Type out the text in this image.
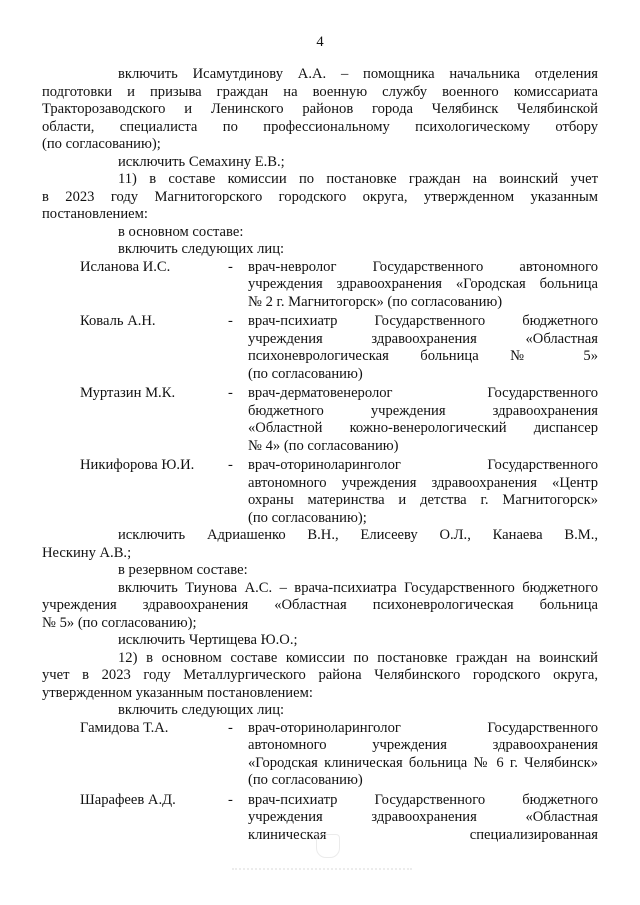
4

включить Исамутдинову А.А. – помощника начальника отделения
подготовки и призыва граждан на военную службу военного комиссариата
Тракторозаводского и Ленинского районов города Челябинск Челябинской
области, специалиста по профессиональному психологическому отбору
(по согласованию);

исключить Семахину Е.В.;

11) в составе комиссии по постановке граждан на воинский учет
в 2023 году Магнитогорского городского округа, утвержденном указанным
постановлением:

в основном составе:

включить следующих лиц:

Исланова И.С.	-	врач-невролог Государственного автономного
учреждения здравоохранения «Городская больница
№ 2 г. Магнитогорск» (по согласованию)
Коваль А.Н.	-	врач-психиатр Государственного бюджетного
учреждения здравоохранения «Областная
психоневрологическая больница № 5»
(по согласованию)
Муртазин М.К.	-	врач-дерматовенеролог Государственного
бюджетного учреждения здравоохранения
«Областной кожно-венерологический диспансер
№ 4» (по согласованию)
Никифорова Ю.И.	-	врач-оториноларинголог Государственного
автономного учреждения здравоохранения «Центр
охраны материнства и детства г. Магнитогорск»
(по согласованию);

исключить Адриашенко В.Н., Елисееву О.Л., Канаева В.М.,
Нескину А.В.;

в резервном составе:

включить Тиунова А.С. – врача-психиатра Государственного бюджетного
учреждения здравоохранения «Областная психоневрологическая больница
№ 5» (по согласованию);

исключить Чертищева Ю.О.;

12) в основном составе комиссии по постановке граждан на воинский
учет в 2023 году Металлургического района Челябинского городского округа,
утвержденном указанным постановлением:

включить следующих лиц:

Гамидова Т.А.	-	врач-оториноларинголог Государственного
автономного учреждения здравоохранения
«Городская клиническая больница № 6 г. Челябинск»
(по согласованию)
Шарафеев А.Д.	-	врач-психиатр Государственного бюджетного
учреждения здравоохранения «Областная
клиническая специализированная
